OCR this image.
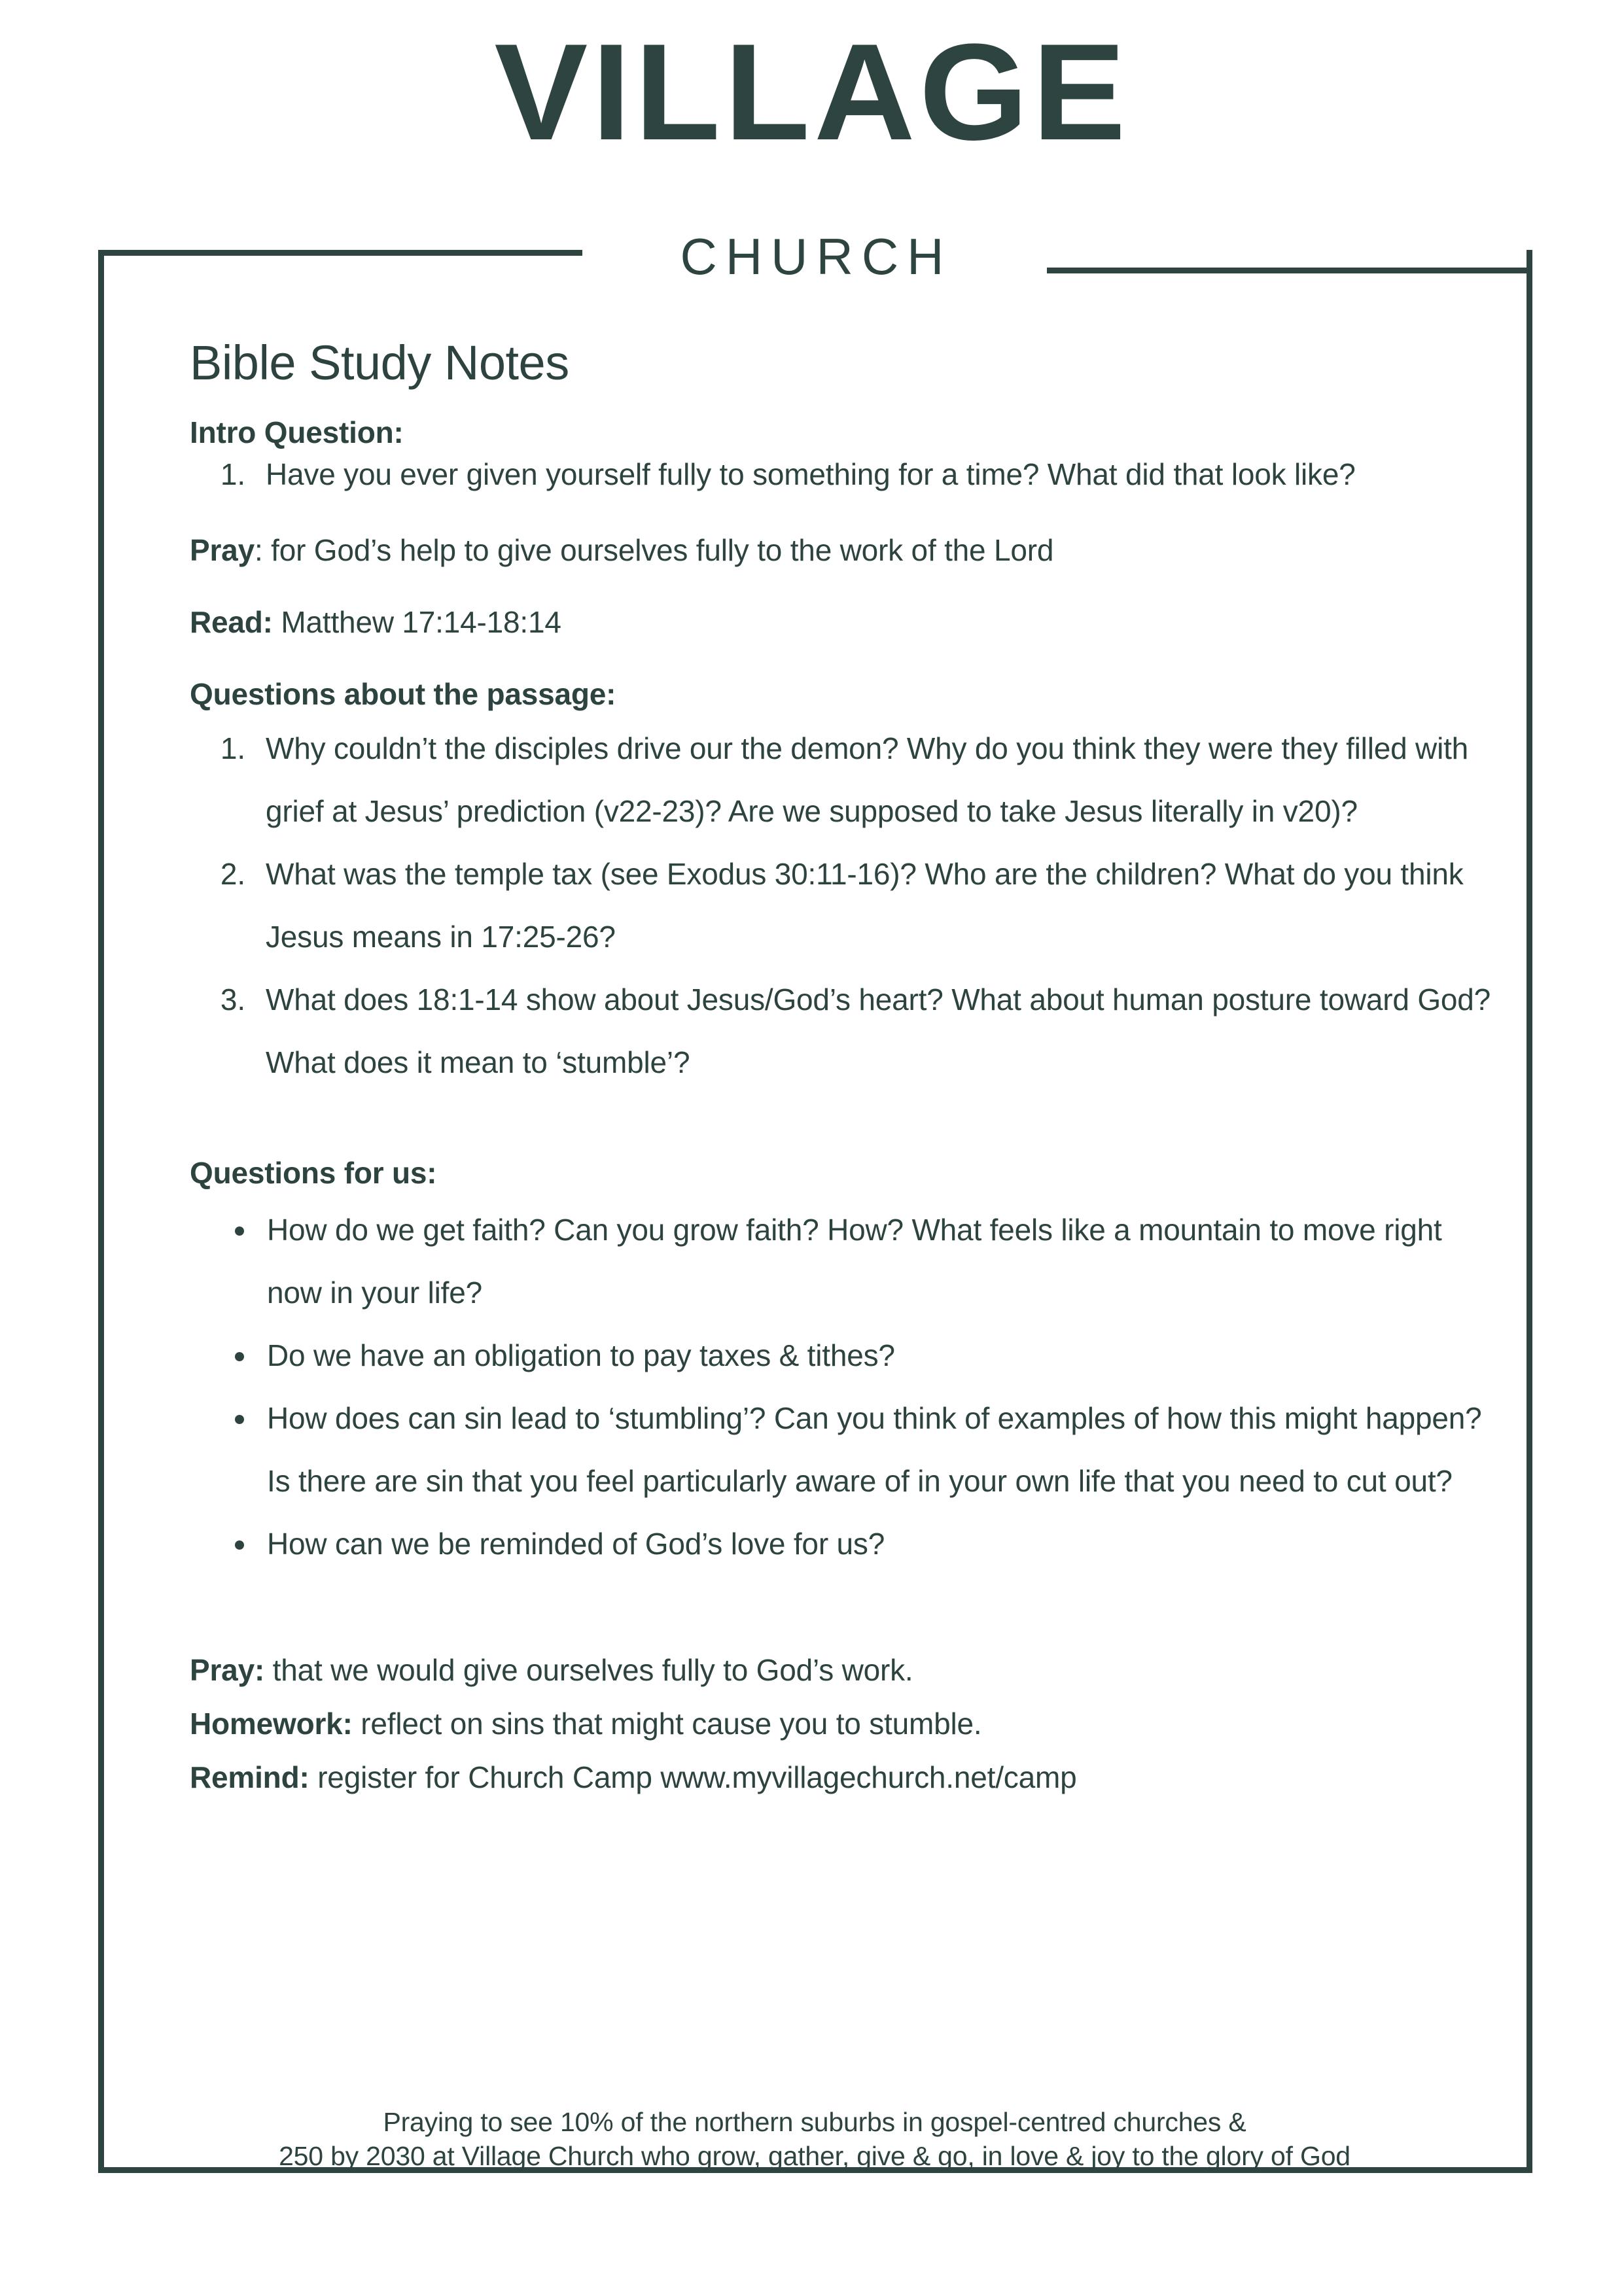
VILLAGE
CHURCH
Bible Study Notes
Intro Question:
1. Have you ever given yourself fully to something for a time? What did that look like?
Pray: for God’s help to give ourselves fully to the work of the Lord
Read: Matthew 17:14-18:14
Questions about the passage:
1. Why couldn’t the disciples drive our the demon? Why do you think they were they filled with grief at Jesus’ prediction (v22-23)? Are we supposed to take Jesus literally in v20)?
2. What was the temple tax (see Exodus 30:11-16)? Who are the children? What do you think Jesus means in 17:25-26?
3. What does 18:1-14 show about Jesus/God’s heart? What about human posture toward God? What does it mean to ‘stumble’?
Questions for us:
• How do we get faith? Can you grow faith? How? What feels like a mountain to move right now in your life?
• Do we have an obligation to pay taxes & tithes?
• How does can sin lead to ‘stumbling’? Can you think of examples of how this might happen? Is there are sin that you feel particularly aware of in your own life that you need to cut out?
• How can we be reminded of God’s love for us?
Pray: that we would give ourselves fully to God’s work.
Homework: reflect on sins that might cause you to stumble.
Remind: register for Church Camp www.myvillagechurch.net/camp
Praying to see 10% of the northern suburbs in gospel-centred churches &
250 by 2030 at Village Church who grow, gather, give & go, in love & joy to the glory of God
